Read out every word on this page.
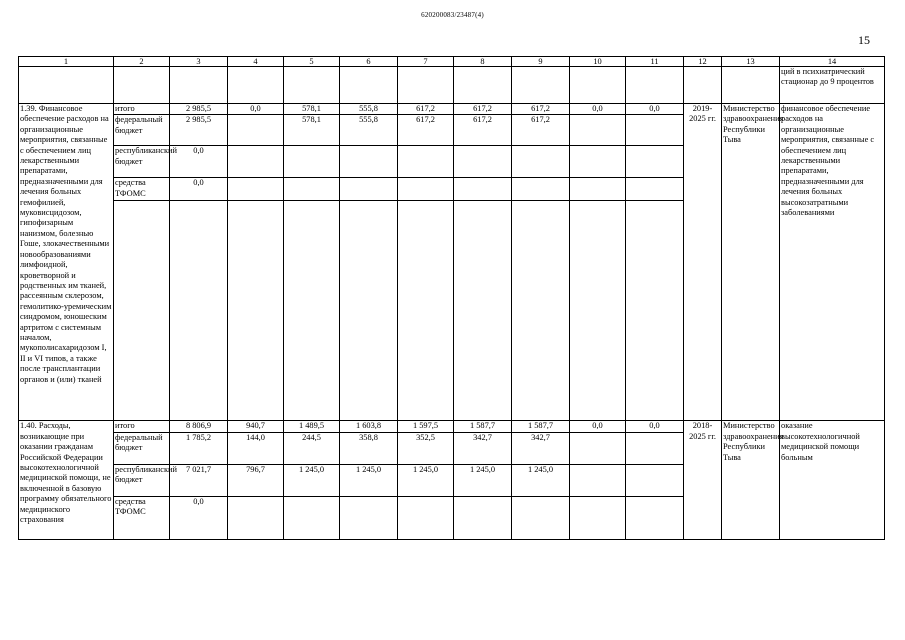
620200083/23487(4)
15
1	2	3	4	5	6	7	8	9	10	11	12	13	14
													ций в психиатрический стационар до 9 процентов
1.39. Финансовое обеспечение расходов на организационные мероприятия, связанные с обеспечением лиц лекарственными препаратами, предназначенными для лечения больных гемофилией, муковисцидозом, гипофизарным нанизмом, болезнью Гоше, злокачественными новообразованиями лимфоидной, кроветворной и родственных им тканей, рассеянным склерозом, гемолитико-уремическим синдромом, юношеским артритом с системным началом, мукополисахаридозом I, II и VI типов, а также после трансплантации органов и (или) тканей	итого	2 985,5	0,0	578,1	555,8	617,2	617,2	617,2	0,0	0,0	2019-2025 гг.	Министерство здравоохранения Республики Тыва	финансовое обеспечение расходов на организационные мероприятия, связанные с обеспечением лиц лекарственными препаратами, предназначенными для лечения больных высокозатратными заболеваниями
	федеральный бюджет	2 985,5		578,1	555,8	617,2	617,2	617,2					
	республиканский бюджет	0,0											
	средства ТФОМС	0,0											

1.40. Расходы, возникающие при оказании гражданам Российской Федерации высокотехнологичной медицинской помощи, не включенной в базовую программу обязательного медицинского страхования	итого	8 806,9	940,7	1 489,5	1 603,8	1 597,5	1 587,7	1 587,7	0,0	0,0	2018-2025 гг.	Министерство здравоохранения Республики Тыва	оказание высокотехнологичной медицинской помощи больным
	федеральный бюджет	1 785,2	144,0	244,5	358,8	352,5	342,7	342,7					
	республиканский бюджет	7 021,7	796,7	1 245,0	1 245,0	1 245,0	1 245,0	1 245,0					
	средства ТФОМС	0,0											
